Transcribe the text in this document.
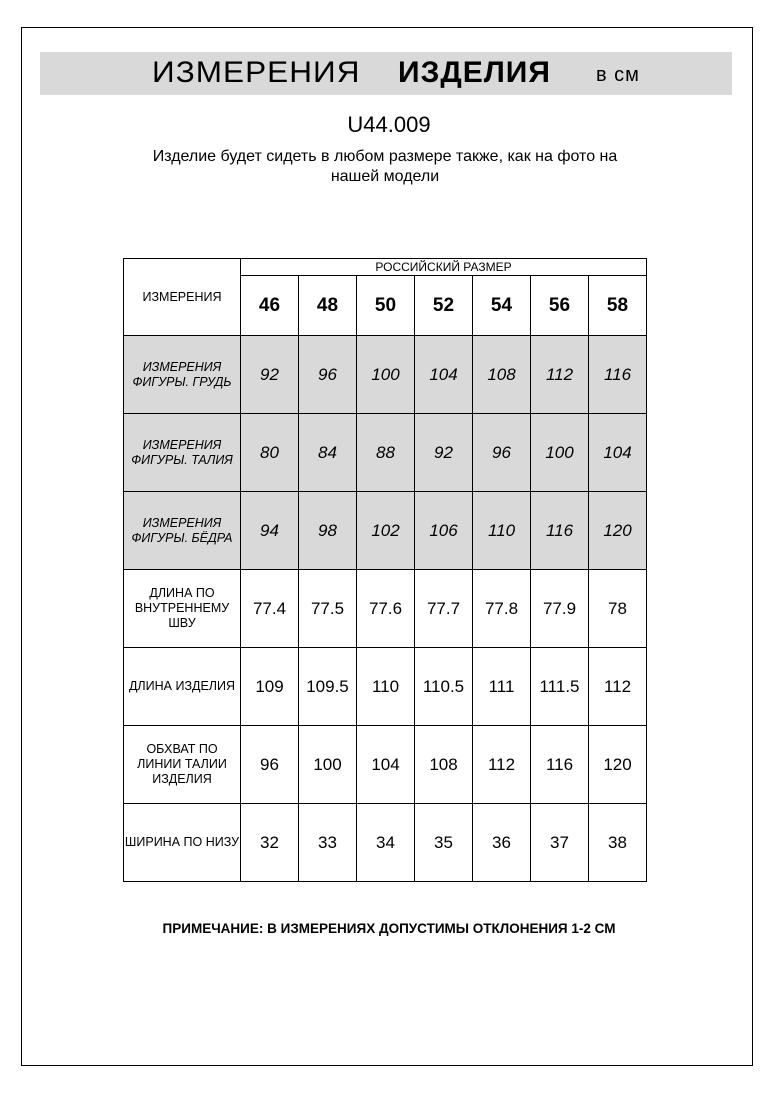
ИЗМЕРЕНИЯ ИЗДЕЛИЯ в см
U44.009
Изделие будет сидеть в любом размере также, как на фото на нашей модели
ИЗМЕРЕНИЯ	РОССИЙСКИЙ РАЗМЕР						
	46	48	50	52	54	56	58
ИЗМЕРЕНИЯ ФИГУРЫ. ГРУДЬ	92	96	100	104	108	112	116
ИЗМЕРЕНИЯ ФИГУРЫ. ТАЛИЯ	80	84	88	92	96	100	104
ИЗМЕРЕНИЯ ФИГУРЫ. БЁДРА	94	98	102	106	110	116	120
ДЛИНА ПО ВНУТРЕННЕМУ ШВУ	77.4	77.5	77.6	77.7	77.8	77.9	78
ДЛИНА ИЗДЕЛИЯ	109	109.5	110	110.5	111	111.5	112
ОБХВАТ ПО ЛИНИИ ТАЛИИ ИЗДЕЛИЯ	96	100	104	108	112	116	120
ШИРИНА ПО НИЗУ	32	33	34	35	36	37	38
ПРИМЕЧАНИЕ: В ИЗМЕРЕНИЯХ ДОПУСТИМЫ ОТКЛОНЕНИЯ 1-2 СМ
